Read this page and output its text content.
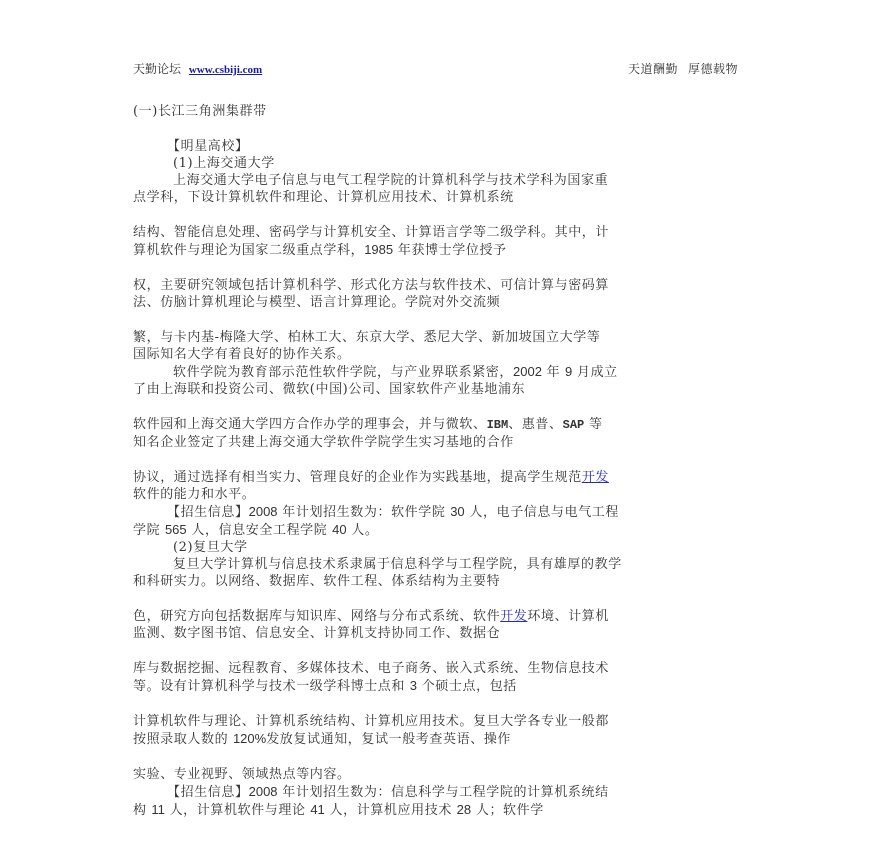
天勤论坛 www.csbiji.com	天道酬勤 厚德载物

(一)长江三角洲集群带

【明星高校】

(1)上海交通大学

上海交通大学电子信息与电气工程学院的计算机科学与技术学科为国家重

点学科，下设计算机软件和理论、计算机应用技术、计算机系统

结构、智能信息处理、密码学与计算机安全、计算语言学等二级学科。其中，计

算机软件与理论为国家二级重点学科，1985 年获博士学位授予

权，主要研究领域包括计算机科学、形式化方法与软件技术、可信计算与密码算

法、仿脑计算机理论与模型、语言计算理论。学院对外交流频

繁，与卡内基-梅隆大学、柏林工大、东京大学、悉尼大学、新加坡国立大学等

国际知名大学有着良好的协作关系。

软件学院为教育部示范性软件学院，与产业界联系紧密，2002 年 9 月成立

了由上海联和投资公司、微软(中国)公司、国家软件产业基地浦东

软件园和上海交通大学四方合作办学的理事会，并与微软、IBM、惠普、SAP 等

知名企业签定了共建上海交通大学软件学院学生实习基地的合作

协议，通过选择有相当实力、管理良好的企业作为实践基地，提高学生规范开发

软件的能力和水平。

【招生信息】2008 年计划招生数为：软件学院 30 人，电子信息与电气工程

学院 565 人，信息安全工程学院 40 人。

(2)复旦大学

复旦大学计算机与信息技术系隶属于信息科学与工程学院，具有雄厚的教学

和科研实力。以网络、数据库、软件工程、体系结构为主要特

色，研究方向包括数据库与知识库、网络与分布式系统、软件开发环境、计算机

监测、数字图书馆、信息安全、计算机支持协同工作、数据仓

库与数据挖掘、远程教育、多媒体技术、电子商务、嵌入式系统、生物信息技术

等。设有计算机科学与技术一级学科博士点和 3 个硕士点，包括

计算机软件与理论、计算机系统结构、计算机应用技术。复旦大学各专业一般都

按照录取人数的 120%发放复试通知，复试一般考查英语、操作

实验、专业视野、领域热点等内容。

【招生信息】2008 年计划招生数为：信息科学与工程学院的计算机系统结

构 11 人，计算机软件与理论 41 人，计算机应用技术 28 人；软件学
